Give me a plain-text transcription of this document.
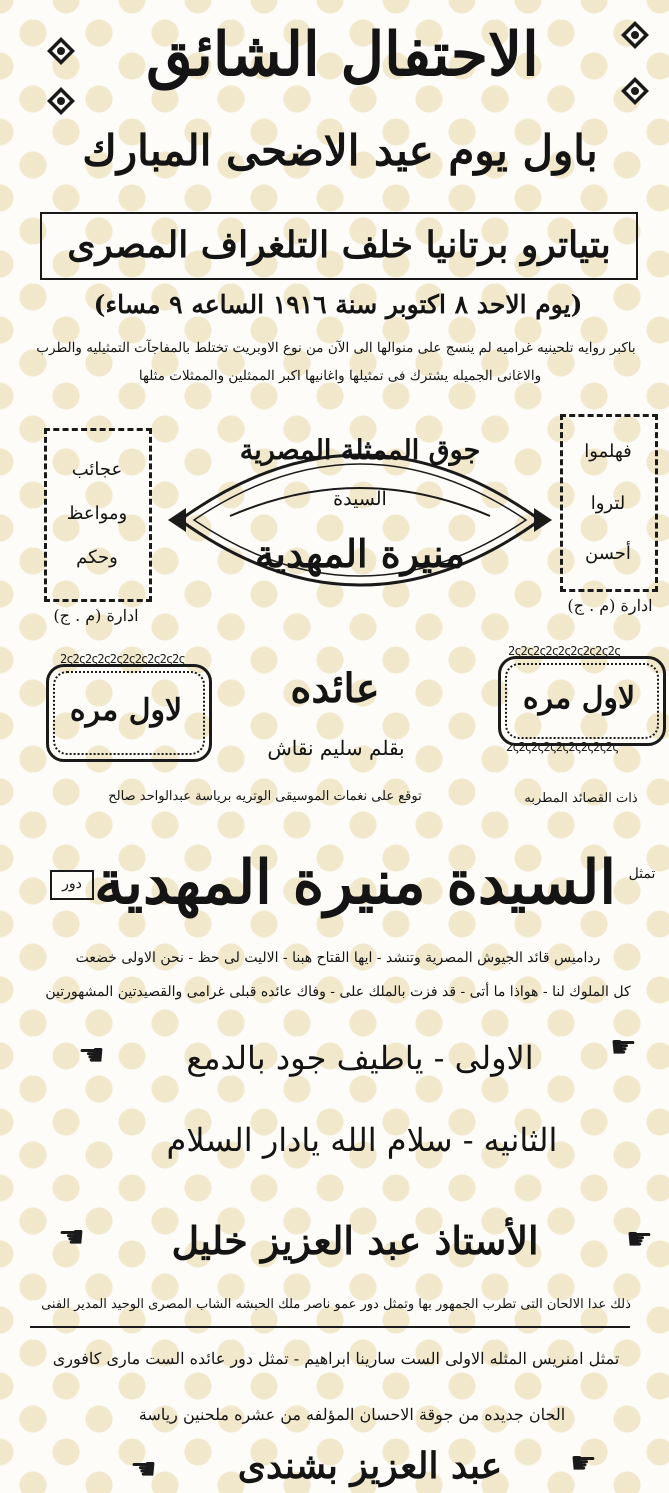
الاحتفال الشائق
باول يوم عيد الاضحى المبارك
بتياترو برتانيا خلف التلغراف المصرى
(يوم الاحد ٨ اكتوبر سنة ١٩١٦ الساعه ٩ مساء)
باكبر روايه تلحينيه غراميه لم ينسج على منوالها الى الآن من نوع الاوبريت تختلط بالمفاجآت التمثيليه والطرب
والاغانى الجميله يشترك فى تمثيلها واغانيها اكبر الممثلين والممثلات مثلها
عجائب
ومواعظ
وحكم
ادارة (م . ج)
فهلموا
لتروا
أحسن
ادارة (م . ج)
جوق الممثلة المصرية
السيدة
منيرة المهدية
2ς2ς2ς2ς2ς2ς2ς2ς2ς2ς
لاول مره
2ς2ς2ς2ς2ς2ς2ς2ς2ς
لاول مره
2ς2ς2ς2ς2ς2ς2ς2ς2ς
عائده
بقلم سليم نقاش
توقع على نغمات الموسيقى الوتريه برياسة عبدالواحد صالح	ذات القصائد المطربه
تمثل
السيدة منيرة المهدية
دور
رداميس قائد الجيوش المصرية وتنشد - ايها القتاح هبنا - الاليت لى حظ - نحن الاولى خضعت
كل الملوك لنا - هواذا ما أتى - قد فزت بالملك على - وفاك عائده قبلى غرامى والقصيدتين المشهورتين
☚	☛
الاولى - ياطيف جود بالدمع
الثانيه - سلام الله يادار السلام
☚	☛
الأستاذ عبد العزيز خليل
ذلك عدا الالحان التى تطرب الجمهور بها وتمثل دور عمو ناصر ملك الحبشه الشاب المصرى الوحيد المدير الفنى
تمثل امنريس المثله الاولى الست سارينا ابراهيم - تمثل دور عائده الست مارى كافورى
الحان جديده من جوقة الاحسان المؤلفه من عشره ملحنين رياسة
☚	☛
عبد العزيز بشندى
